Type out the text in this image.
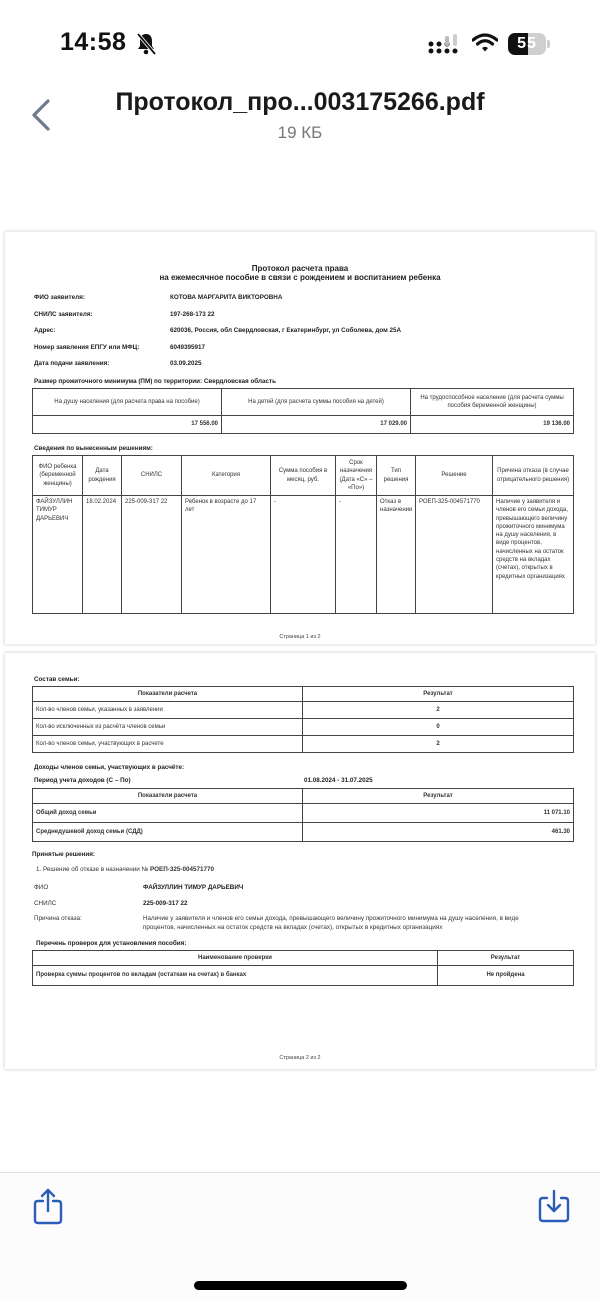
14:58	55
Протокол_про...003175266.pdf
19 КБ
Протокол расчета права
на ежемесячное пособие в связи с рождением и воспитанием ребенка
ФИО заявителя:	КОТОВА МАРГАРИТА ВИКТОРОВНА
СНИЛС заявителя:	197-268-173 22
Адрес:	620036, Россия, обл Свердловская, г Екатеринбург, ул Соболева, дом 25А
Номер заявления ЕПГУ или МФЦ:	6049395917
Дата подачи заявления:	03.09.2025
Размер прожиточного минимума (ПМ) по территории: Свердловская область
На душу населения (для расчета права на пособие)	На детей (для расчета суммы пособия на детей)	На трудоспособное население (для расчета суммы пособия беременной женщины)
17 556.00	17 029.00	19 136.00
Сведения по вынесенным решениям:
ФИО ребенка (беременной женщины)	Дата рождения	СНИЛС	Категория	Сумма пособия в месяц, руб.	Срок назначения (Дата «С» – «По»)	Тип решения	Решение	Причина отказа (в случае отрицательного решения)
ФАЙЗУЛЛИН ТИМУР ДАРЬЕВИЧ	18.02.2024	225-009-317 22	Ребенок в возрасте до 17 лет	-	-	Отказ в назначении	РОЕП-325-004571770	Наличие у заявителя и членов его семьи дохода, превышающего величину прожиточного минимума на душу населения, в виде процентов, начисленных на остаток средств на вкладах (счетах), открытых в кредитных организациях
Страница 1 из 2
Состав семьи:
Показатели расчета	Результат
Кол-во членов семьи, указанных в заявлении	2
Кол-во исключенных из расчёта членов семьи	0
Кол-во членов семьи, участвующих в расчете	2
Доходы членов семьи, участвующих в расчёте:
Период учета доходов (С – По)	01.08.2024 - 31.07.2025
Показатели расчета	Результат
Общий доход семьи	11 071.10
Среднедушевой доход семьи (СДД)	461.30
Принятые решения:
1. Решение об отказе в назначении № РОЕП-325-004571770
ФИО	ФАЙЗУЛЛИН ТИМУР ДАРЬЕВИЧ
СНИЛС	225-009-317 22
Причина отказа:	Наличие у заявителя и членов его семьи дохода, превышающего величину прожиточного минимума на душу населения, в виде
процентов, начисленных на остаток средств на вкладах (счетах), открытых в кредитных организациях
Перечень проверок для установления пособия:
Наименование проверки	Результат
Проверка суммы процентов по вкладам (остаткам на счетах) в банках	Не пройдена
Страница 2 из 2
